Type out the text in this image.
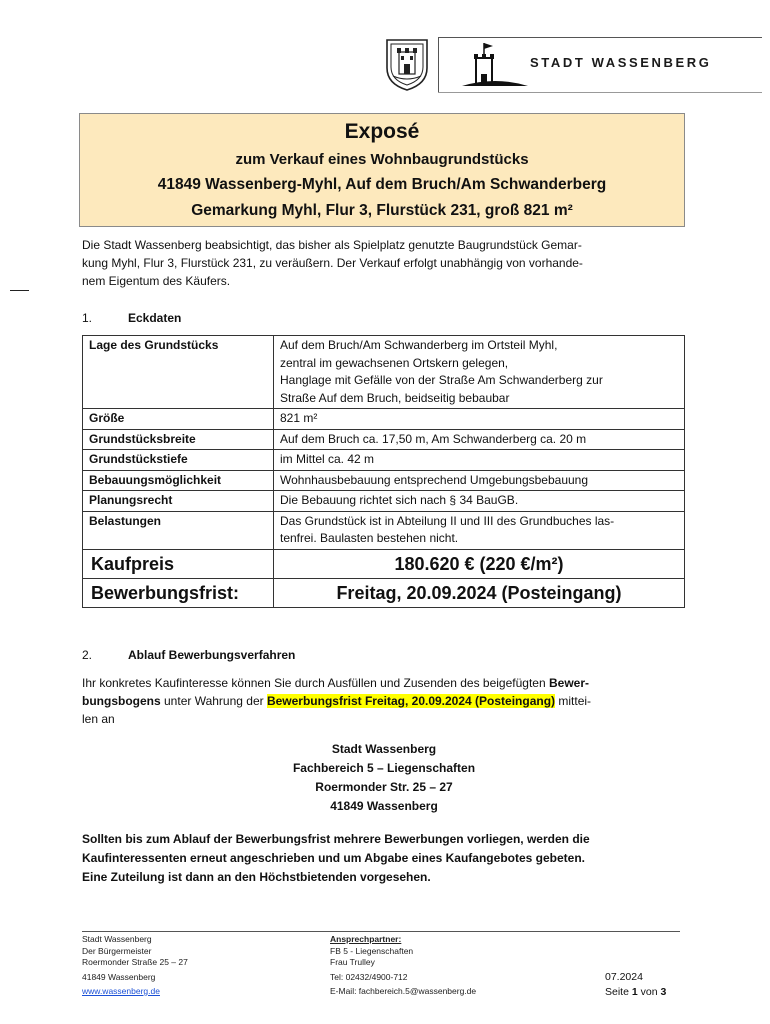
STADT WASSENBERG
Exposé
zum Verkauf eines Wohnbaugrundstücks
41849 Wassenberg-Myhl, Auf dem Bruch/Am Schwanderberg
Gemarkung Myhl, Flur 3, Flurstück 231, groß 821 m²
Die Stadt Wassenberg beabsichtigt, das bisher als Spielplatz genutzte Baugrundstück Gemar-
kung Myhl, Flur 3, Flurstück 231, zu veräußern. Der Verkauf erfolgt unabhängig von vorhande-
nem Eigentum des Käufers.
1.	Eckdaten
Lage des Grundstücks	Auf dem Bruch/Am Schwanderberg im Ortsteil Myhl,
zentral im gewachsenen Ortskern gelegen,
Hanglage mit Gefälle von der Straße Am Schwanderberg zur
Straße Auf dem Bruch, beidseitig bebaubar

Größe	821 m²

Grundstücksbreite	Auf dem Bruch ca. 17,50 m, Am Schwanderberg ca. 20 m

Grundstückstiefe	im Mittel ca. 42 m

Bebauungsmöglichkeit	Wohnhausbebauung entsprechend Umgebungsbebauung

Planungsrecht	Die Bebauung richtet sich nach § 34 BauGB.

Belastungen	Das Grundstück ist in Abteilung II und III des Grundbuches las-
tenfrei. Baulasten bestehen nicht.

Kaufpreis	180.620 € (220 €/m²)
Bewerbungsfrist:	Freitag, 20.09.2024 (Posteingang)
2.	Ablauf Bewerbungsverfahren
Ihr konkretes Kaufinteresse können Sie durch Ausfüllen und Zusenden des beigefügten Bewer-
bungsbogens unter Wahrung der Bewerbungsfrist Freitag, 20.09.2024 (Posteingang) mittei-
len an
Stadt Wassenberg
Fachbereich 5 – Liegenschaften
Roermonder Str. 25 – 27
41849 Wassenberg
Sollten bis zum Ablauf der Bewerbungsfrist mehrere Bewerbungen vorliegen, werden die
Kaufinteressenten erneut angeschrieben und um Abgabe eines Kaufangebotes gebeten.
Eine Zuteilung ist dann an den Höchstbietenden vorgesehen.
Stadt Wassenberg
Der Bürgermeister
Roermonder Straße 25 – 27
41849 Wassenberg
www.wassenberg.de
Ansprechpartner:
FB 5 - Liegenschaften
Frau Trulley
Tel: 02432/4900-712
E-Mail: fachbereich.5@wassenberg.de
07.2024
Seite 1 von 3
